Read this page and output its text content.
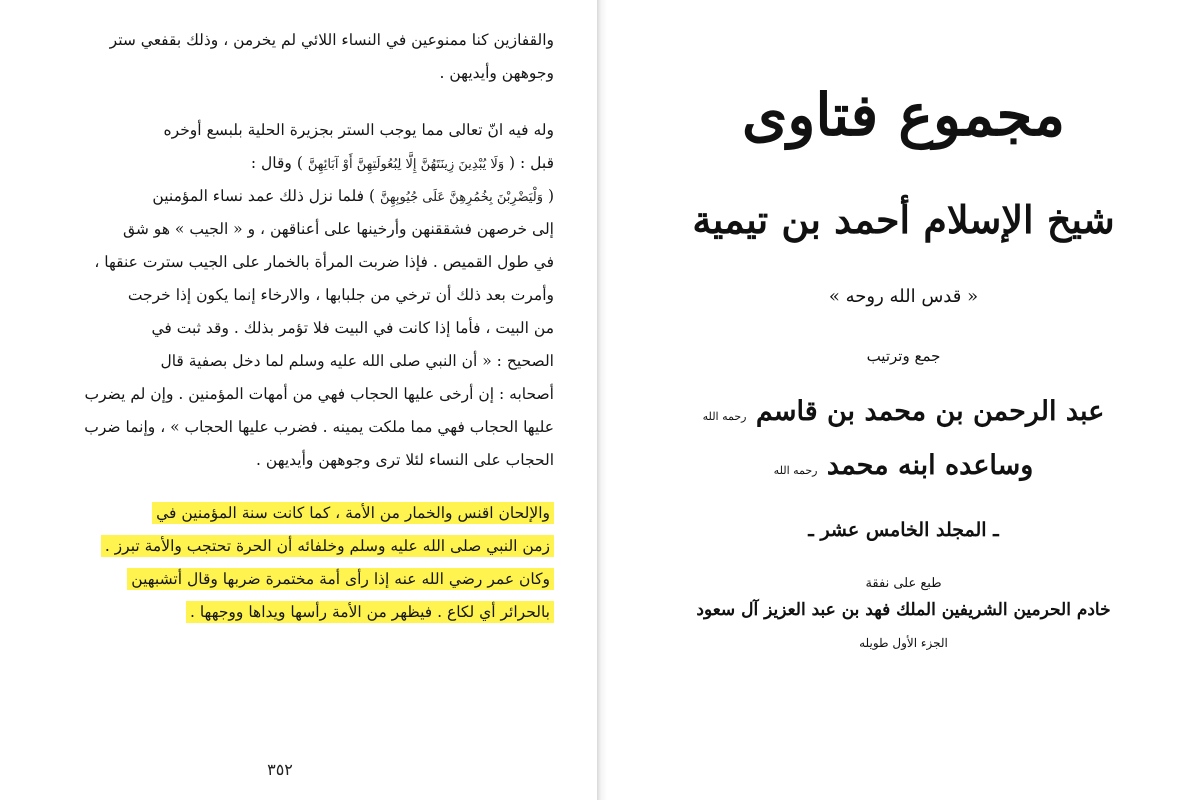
والقفازين كنا ممنوعين في النساء اللائي لم يخرمن ، وذلك بقفعي ستر
وجوههن وأيديهن .
وله فيه انّ تعالى مما يوجب الستر بجزيرة الحلية بلبسع أوخره
قبل : ( وَلَا يُبْدِينَ زِينَتَهُنَّ إِلَّا لِبُعُولَتِهِنَّ أَوْ آبَائِهِنَّ ) وقال :
( وَلْيَضْرِبْنَ بِخُمُرِهِنَّ عَلَى جُيُوبِهِنَّ ) فلما نزل ذلك عمد نساء المؤمنين
إلى خرصهن فشققنهن وأرخينها على أعناقهن ، و « الجيب » هو شق
في طول القميص . فإذا ضربت المرأة بالخمار على الجيب سترت عنقها ،
وأمرت بعد ذلك أن ترخي من جلبابها ، والارخاء إنما يكون إذا خرجت
من البيت ، فأما إذا كانت في البيت فلا تؤمر بذلك . وقد ثبت في
الصحيح : « أن النبي صلى الله عليه وسلم لما دخل بصفية قال
أصحابه : إن أرخى عليها الحجاب فهي من أمهات المؤمنين . وإن لم يضرب
عليها الحجاب فهي مما ملكت يمينه . فضرب عليها الحجاب » ، وإنما ضرب
الحجاب على النساء لئلا ترى وجوههن وأيديهن .
والإلحان اقنس والخمار من الأمة ، كما كانت سنة المؤمنين في
زمن النبي صلى الله عليه وسلم وخلفائه أن الحرة تحتجب والأمة تبرز .
وكان عمر رضي الله عنه إذا رأى أمة مختمرة ضربها وقال أتشبهين
بالحرائر أي لكاع . فيظهر من الأمة رأسها ويداها ووجهها .
٣٥٢
مجموع فتاوى
شيخ الإسلام أحمد بن تيمية
« قدس الله روحه »
جمع وترتيب
عبد الرحمن بن محمد بن قاسم رحمه الله
وساعده ابنه محمد رحمه الله
ـ المجلد الخامس عشر ـ
طبع على نفقة
خادم الحرمين الشريفين الملك فهد بن عبد العزيز آل سعود
الجزء الأول طويله
